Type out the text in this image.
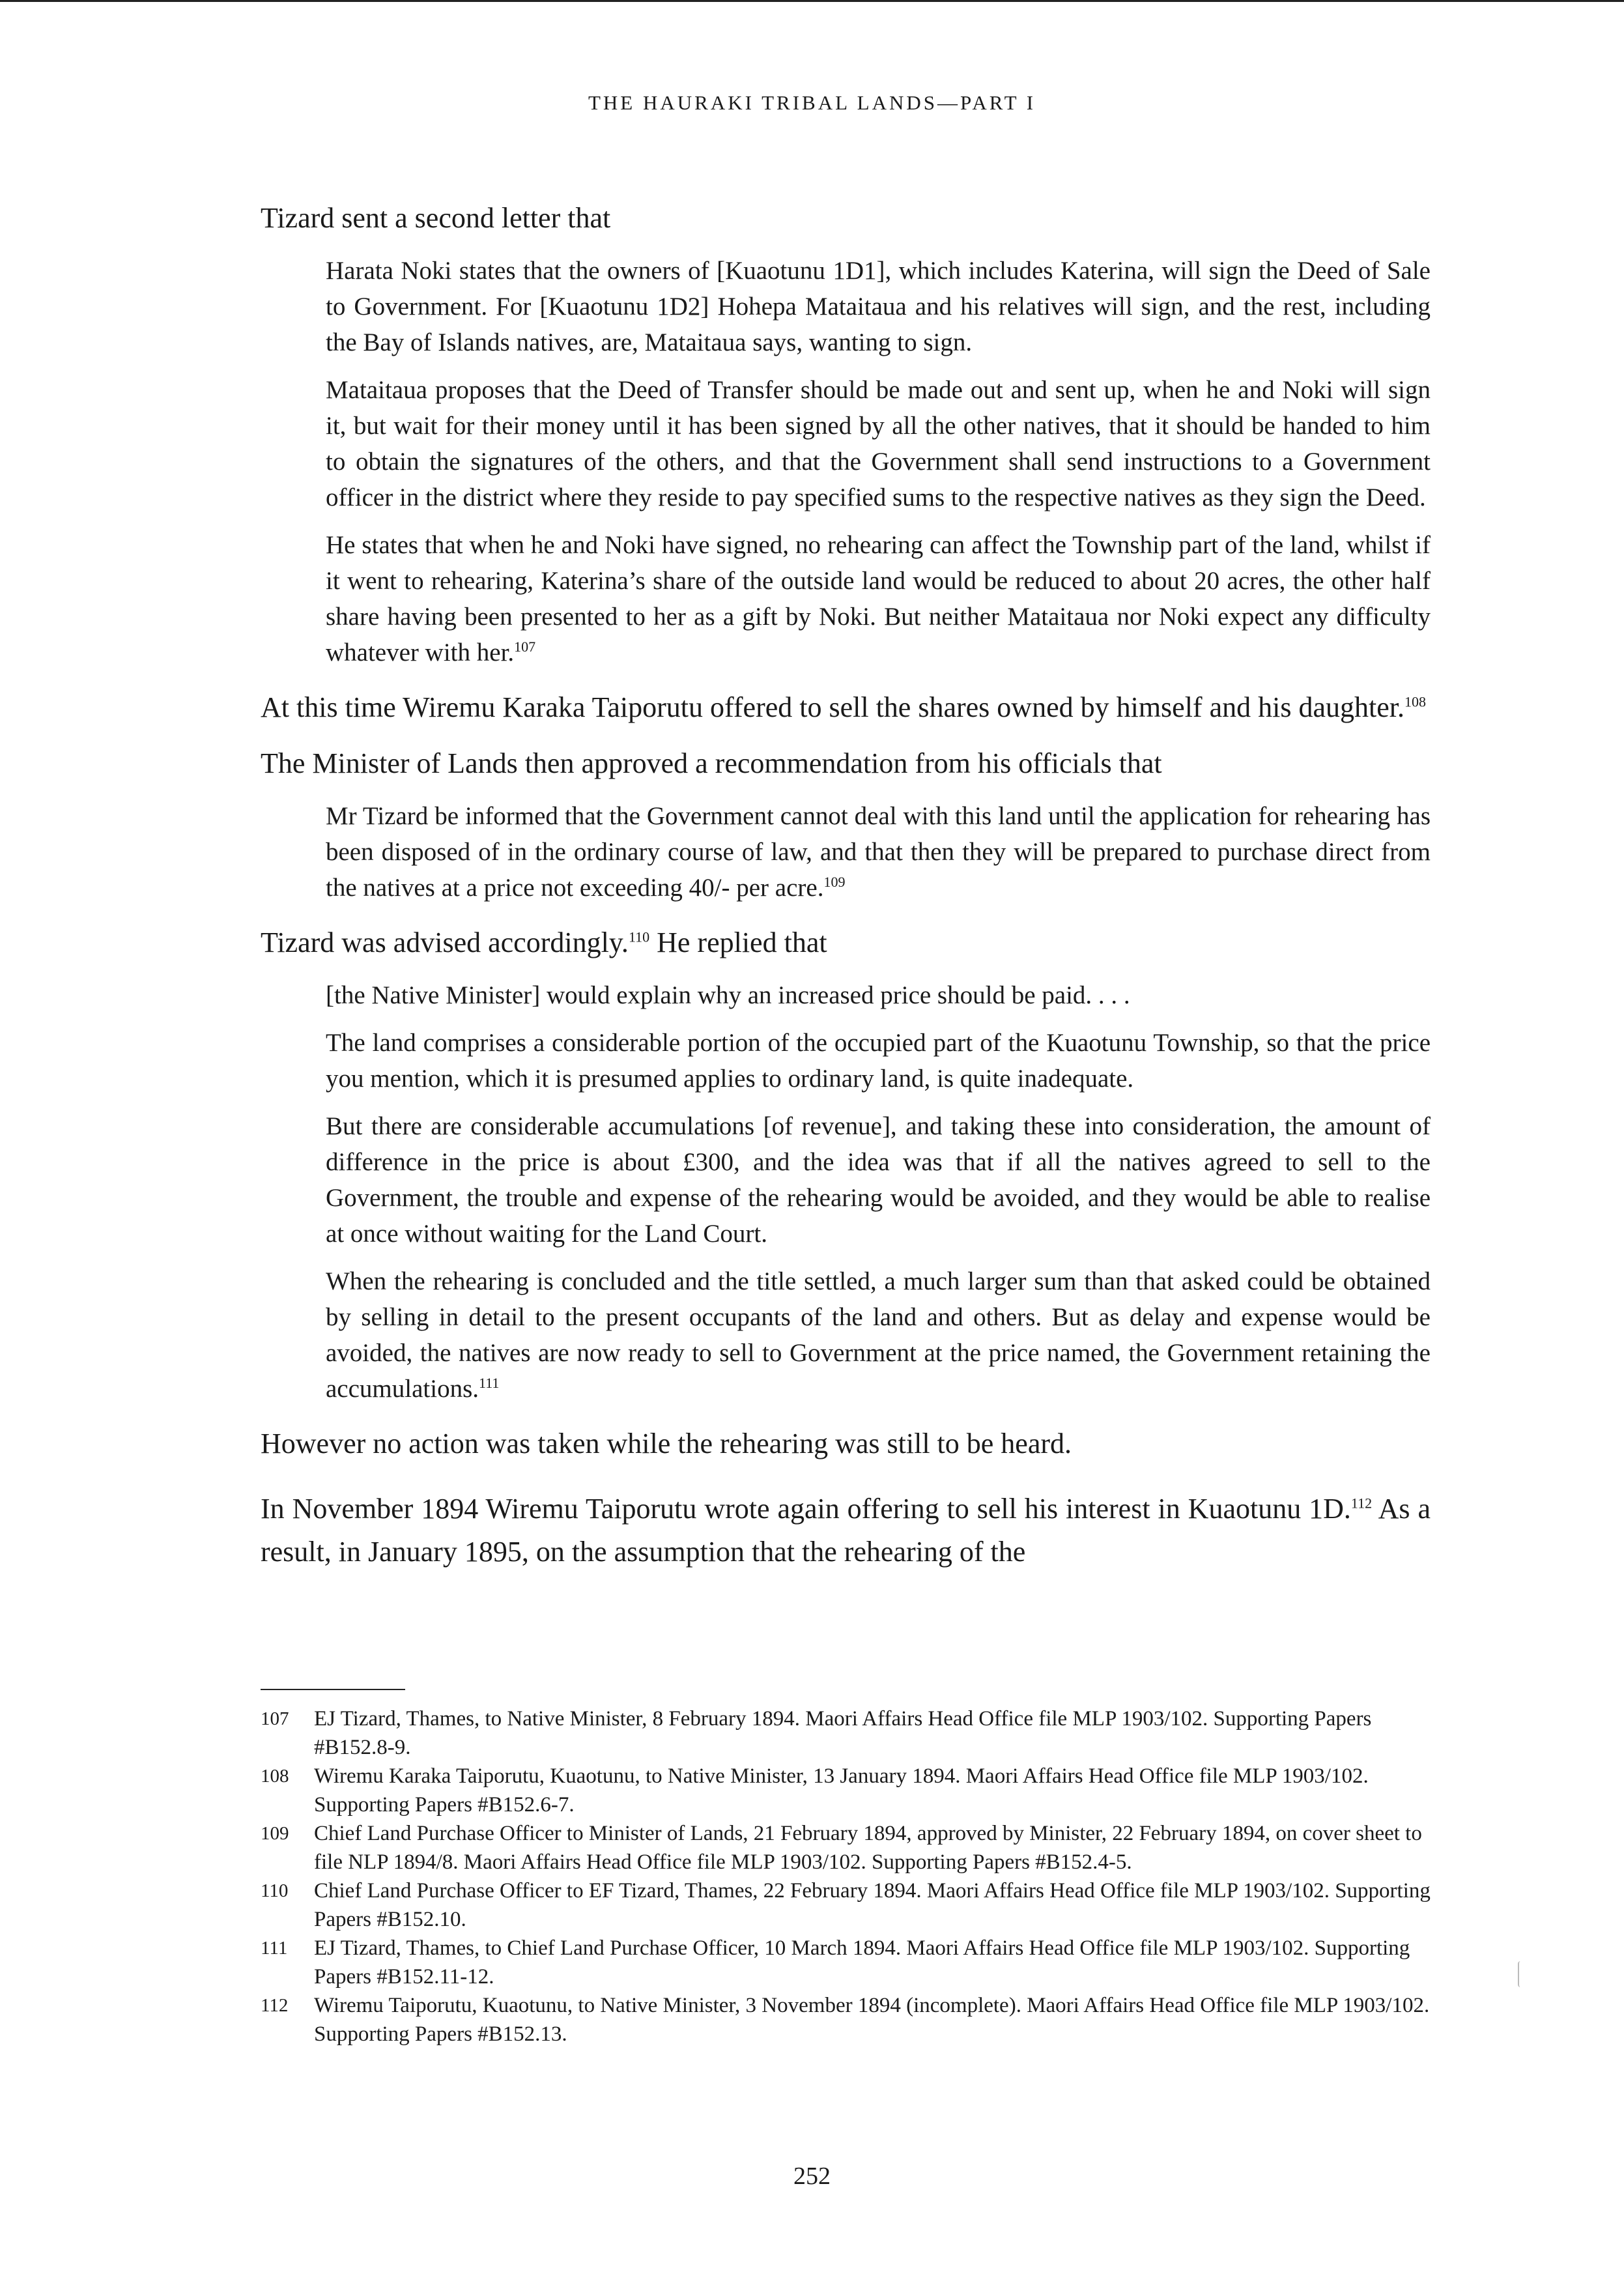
THE HAURAKI TRIBAL LANDS—PART I

Tizard sent a second letter that

Harata Noki states that the owners of [Kuaotunu 1D1], which includes Katerina, will sign the Deed of Sale to Government. For [Kuaotunu 1D2] Hohepa Mataitaua and his relatives will sign, and the rest, including the Bay of Islands natives, are, Mataitaua says, wanting to sign.

Mataitaua proposes that the Deed of Transfer should be made out and sent up, when he and Noki will sign it, but wait for their money until it has been signed by all the other natives, that it should be handed to him to obtain the signatures of the others, and that the Government shall send instructions to a Government officer in the district where they reside to pay specified sums to the respective natives as they sign the Deed.

He states that when he and Noki have signed, no rehearing can affect the Township part of the land, whilst if it went to rehearing, Katerina’s share of the outside land would be reduced to about 20 acres, the other half share having been presented to her as a gift by Noki. But neither Mataitaua nor Noki expect any difficulty whatever with her.$^{107}$

At this time Wiremu Karaka Taiporutu offered to sell the shares owned by himself and his daughter.$^{108}$

The Minister of Lands then approved a recommendation from his officials that

Mr Tizard be informed that the Government cannot deal with this land until the application for rehearing has been disposed of in the ordinary course of law, and that then they will be prepared to purchase direct from the natives at a price not exceeding 40/- per acre.$^{109}$

Tizard was advised accordingly.$^{110}$ He replied that

[the Native Minister] would explain why an increased price should be paid. . . .

The land comprises a considerable portion of the occupied part of the Kuaotunu Township, so that the price you mention, which it is presumed applies to ordinary land, is quite inadequate.

But there are considerable accumulations [of revenue], and taking these into consideration, the amount of difference in the price is about £300, and the idea was that if all the natives agreed to sell to the Government, the trouble and expense of the rehearing would be avoided, and they would be able to realise at once without waiting for the Land Court.

When the rehearing is concluded and the title settled, a much larger sum than that asked could be obtained by selling in detail to the present occupants of the land and others. But as delay and expense would be avoided, the natives are now ready to sell to Government at the price named, the Government retaining the accumulations.$^{111}$

However no action was taken while the rehearing was still to be heard.

In November 1894 Wiremu Taiporutu wrote again offering to sell his interest in Kuaotunu 1D.$^{112}$ As a result, in January 1895, on the assumption that the rehearing of the

107	EJ Tizard, Thames, to Native Minister, 8 February 1894. Maori Affairs Head Office file MLP 1903/102. Supporting Papers #B152.8-9.
108	Wiremu Karaka Taiporutu, Kuaotunu, to Native Minister, 13 January 1894. Maori Affairs Head Office file MLP 1903/102. Supporting Papers #B152.6-7.
109	Chief Land Purchase Officer to Minister of Lands, 21 February 1894, approved by Minister, 22 February 1894, on cover sheet to file NLP 1894/8. Maori Affairs Head Office file MLP 1903/102. Supporting Papers #B152.4-5.
110	Chief Land Purchase Officer to EF Tizard, Thames, 22 February 1894. Maori Affairs Head Office file MLP 1903/102. Supporting Papers #B152.10.
111	EJ Tizard, Thames, to Chief Land Purchase Officer, 10 March 1894. Maori Affairs Head Office file MLP 1903/102. Supporting Papers #B152.11-12.
112	Wiremu Taiporutu, Kuaotunu, to Native Minister, 3 November 1894 (incomplete). Maori Affairs Head Office file MLP 1903/102. Supporting Papers #B152.13.
252
